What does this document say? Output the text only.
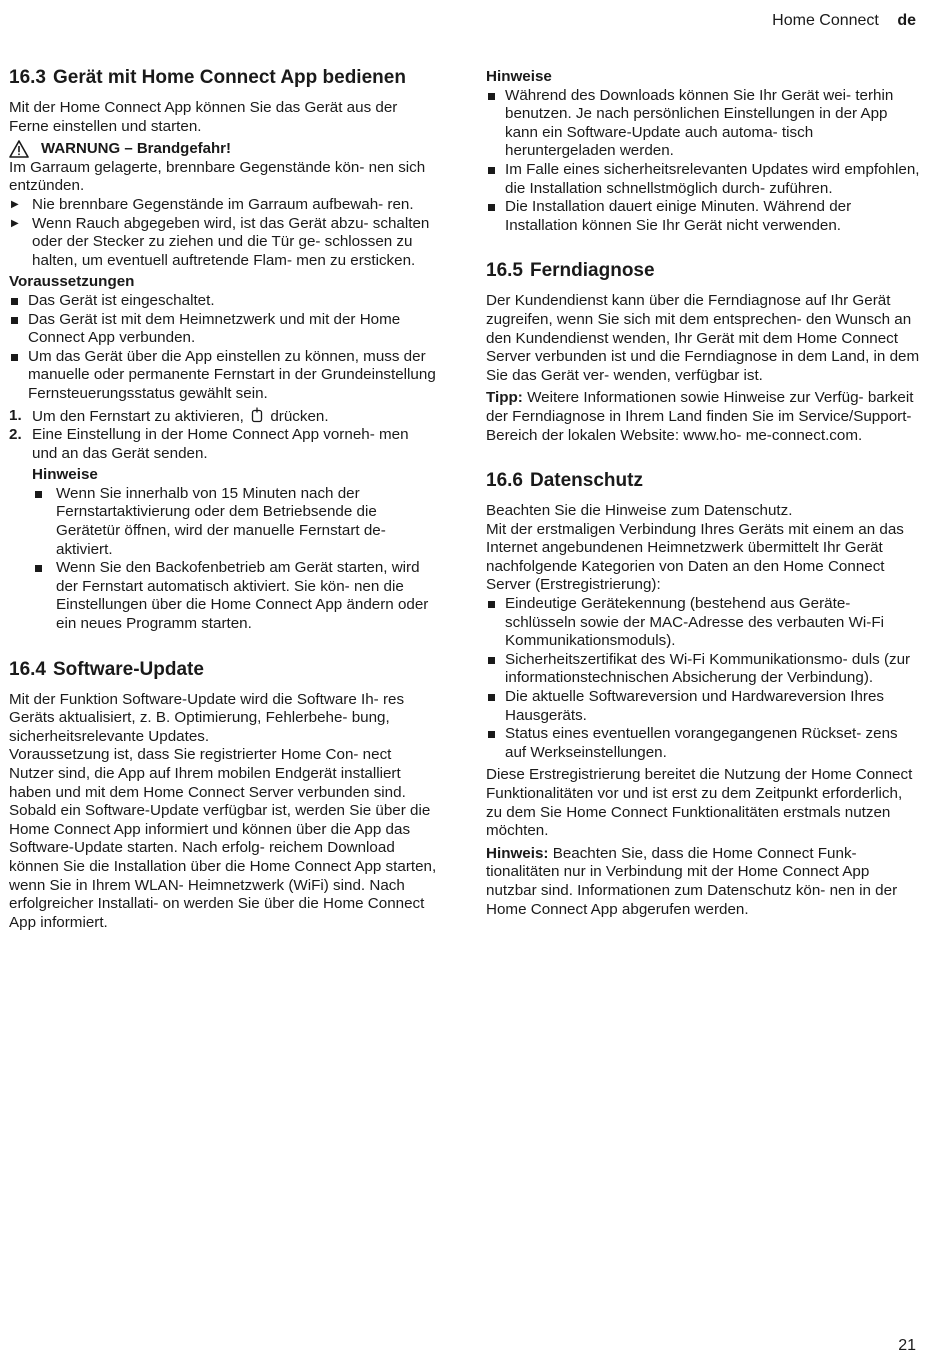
Home Connect de
16.3 Gerät mit Home Connect App bedienen

Mit der Home Connect App können Sie das Gerät aus der Ferne einstellen und starten.

WARNUNG – Brandgefahr!

Im Garraum gelagerte, brennbare Gegenstände kön- nen sich entzünden.

▶ Nie brennbare Gegenstände im Garraum aufbewah- ren.
▶ Wenn Rauch abgegeben wird, ist das Gerät abzu- schalten oder der Stecker zu ziehen und die Tür ge- schlossen zu halten, um eventuell auftretende Flam- men zu ersticken.
Voraussetzungen
Das Gerät ist eingeschaltet.
Das Gerät ist mit dem Heimnetzwerk und mit der Home Connect App verbunden.
Um das Gerät über die App einstellen zu können, muss der manuelle oder permanente Fernstart in der Grundeinstellung Fernsteuerungsstatus gewählt sein.
1. Um den Fernstart zu aktivieren, drücken.
2. Eine Einstellung in der Home Connect App vorneh- men und an das Gerät senden.
Hinweise
Wenn Sie innerhalb von 15 Minuten nach der Fernstartaktivierung oder dem Betriebsende die Gerätetür öffnen, wird der manuelle Fernstart de- aktiviert.
Wenn Sie den Backofenbetrieb am Gerät starten, wird der Fernstart automatisch aktiviert. Sie kön- nen die Einstellungen über die Home Connect App ändern oder ein neues Programm starten.
16.4 Software-Update

Mit der Funktion Software-Update wird die Software Ih- res Geräts aktualisiert, z. B. Optimierung, Fehlerbehe- bung, sicherheitsrelevante Updates.

Voraussetzung ist, dass Sie registrierter Home Con- nect Nutzer sind, die App auf Ihrem mobilen Endgerät installiert haben und mit dem Home Connect Server verbunden sind.

Sobald ein Software-Update verfügbar ist, werden Sie über die Home Connect App informiert und können über die App das Software-Update starten. Nach erfolg- reichem Download können Sie die Installation über die Home Connect App starten, wenn Sie in Ihrem WLAN- Heimnetzwerk (WiFi) sind. Nach erfolgreicher Installati- on werden Sie über die Home Connect App informiert.

Hinweise
Während des Downloads können Sie Ihr Gerät wei- terhin benutzen. Je nach persönlichen Einstellungen in der App kann ein Software-Update auch automa- tisch heruntergeladen werden.
Im Falle eines sicherheitsrelevanten Updates wird empfohlen, die Installation schnellstmöglich durch- zuführen.
Die Installation dauert einige Minuten. Während der Installation können Sie Ihr Gerät nicht verwenden.
16.5 Ferndiagnose

Der Kundendienst kann über die Ferndiagnose auf Ihr Gerät zugreifen, wenn Sie sich mit dem entsprechen- den Wunsch an den Kundendienst wenden, Ihr Gerät mit dem Home Connect Server verbunden ist und die Ferndiagnose in dem Land, in dem Sie das Gerät ver- wenden, verfügbar ist.

Tipp: Weitere Informationen sowie Hinweise zur Verfüg- barkeit der Ferndiagnose in Ihrem Land finden Sie im Service/Support-Bereich der lokalen Website: www.ho- me-connect.com.

16.6 Datenschutz

Beachten Sie die Hinweise zum Datenschutz.

Mit der erstmaligen Verbindung Ihres Geräts mit einem an das Internet angebundenen Heimnetzwerk übermittelt Ihr Gerät nachfolgende Kategorien von Daten an den Home Connect Server (Erstregistrierung):

Eindeutige Gerätekennung (bestehend aus Geräte- schlüsseln sowie der MAC-Adresse des verbauten Wi-Fi Kommunikationsmoduls).
Sicherheitszertifikat des Wi-Fi Kommunikationsmo- duls (zur informationstechnischen Absicherung der Verbindung).
Die aktuelle Softwareversion und Hardwareversion Ihres Hausgeräts.
Status eines eventuellen vorangegangenen Rückset- zens auf Werkseinstellungen.

Diese Erstregistrierung bereitet die Nutzung der Home Connect Funktionalitäten vor und ist erst zu dem Zeitpunkt erforderlich, zu dem Sie Home Connect Funktionalitäten erstmals nutzen möchten.

Hinweis: Beachten Sie, dass die Home Connect Funk- tionalitäten nur in Verbindung mit der Home Connect App nutzbar sind. Informationen zum Datenschutz kön- nen in der Home Connect App abgerufen werden.

21
